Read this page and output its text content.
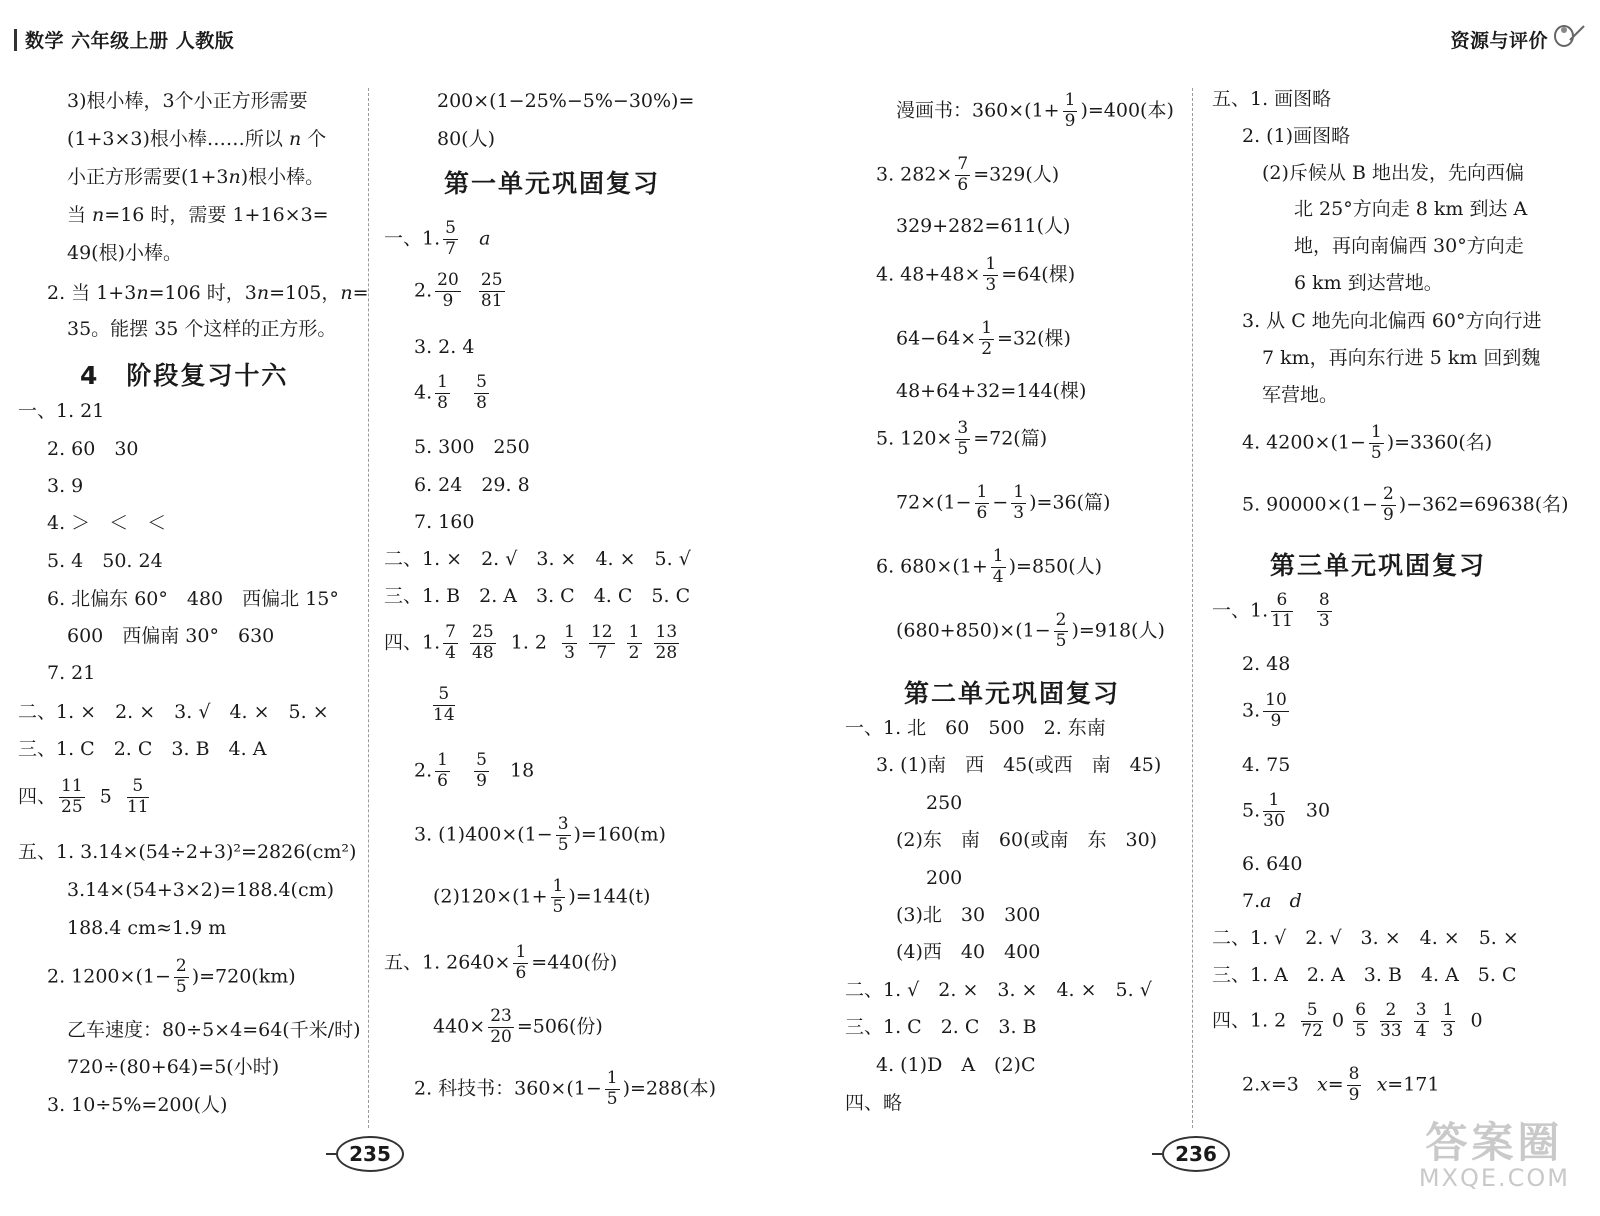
数学 六年级上册 人教版	资源与评价
3)根小棒，3个小正方形需要
(1+3×3)根小棒……所以 n 个
小正方形需要(1+3n)根小棒。
当 n=16 时，需要 1+16×3=
49(根)小棒。
2. 当 1+3n=106 时，3n=105，n=
35。能摆 35 个这样的正方形。
4　阶段复习十六
一、1. 21
2. 60　30
3. 9
4. ＞　＜　＜
5. 4　50. 24
6. 北偏东 60°　480　西偏北 15°
600　西偏南 30°　630
7. 21
二、1. ×　2. ×　3. √　4. ×　5. ×
三、1. C　2. C　3. B　4. A
四、 $\frac{11}{25} 5 \frac{5}{11}$
五、1. 3.14×(54÷2+3)²=2826(cm²)
3.14×(54+3×2)=188.4(cm)
188.4 cm≈1.9 m
2. $1200\times(1- \frac{2}{5} )=720(km)$
乙车速度：80÷5×4=64(千米/时)
720÷(80+64)=5(小时)
3. 10÷5%=200(人)
200×(1−25%−5%−30%)=
80(人)
第一单元巩固复习
一、1. $\frac{5}{7}$ a
2. $\frac{20}{9}$
$\frac{25}{81}$
3. 2. 4
4. $\frac{1}{8}$
$\frac{5}{8}$
5. 300　250
6. 24　29. 8
7. 160
二、1. ×　2. √　3. ×　4. ×　5. √
三、1. B　2. A　3. C　4. C　5. C
四、1. $\frac{7}{4}$
$\frac{25}{48} 1$. $2 \frac{1}{3}$
$\frac{12}{7}$
$\frac{1}{2}$
$\frac{13}{28}$
$\frac{5}{14}$
2. $\frac{1}{6}$
$\frac{5}{9} 18$
3. $(1)400\times(1- \frac{3}{5} )=160(m)$
$(2)120\times(1+ \frac{1}{5} )=144(t)$
五、1. $2640\times \frac{1}{6} =440$(份)
$440\times \frac{23}{20} =506$(份)
2. 科技书：$360\times(1- \frac{1}{5} )=288$(本)
漫画书：$360\times(1+ \frac{1}{9} )=400$(本)
3. $282\times \frac{7}{6} =329$(人)
329+282=611(人)
4. $48+48\times \frac{1}{3} =64$(棵)
$64-64\times \frac{1}{2} =32$(棵)
48+64+32=144(棵)
5. $120\times \frac{3}{5} =72$(篇)
$72\times(1- \frac{1}{6} - \frac{1}{3} )=36$(篇)
6. $680\times(1+ \frac{1}{4} )=850$(人)
$(680+850)\times(1- \frac{2}{5} )=918$(人)
第二单元巩固复习
一、1. 北　60　500　2. 东南
3. (1)南　西　45(或西　南　45)
250
(2)东　南　60(或南　东　30)
200
(3)北　30　300
(4)西　40　400
二、1. √　2. ×　3. ×　4. ×　5. √
三、1. C　2. C　3. B
4. (1)D　A　(2)C
四、略
五、1. 画图略
2. (1)画图略
(2)斥候从 B 地出发，先向西偏
北 25°方向走 8 km 到达 A
地，再向南偏西 30°方向走
6 km 到达营地。
3. 从 C 地先向北偏西 60°方向行进
7 km，再向东行进 5 km 回到魏
军营地。
4. $4200\times(1- \frac{1}{5} )=3360$(名)
5. $90000\times(1- \frac{2}{9} )-362=69638$(名)
第三单元巩固复习
一、1. $\frac{6}{11}$
$\frac{8}{3}$
2. 48
3. $\frac{10}{9}$
4. 75
5. $\frac{1}{30} 30$
6. 640
7.a d
二、1. √　2. √　3. ×　4. ×　5. ×
三、1. A　2. A　3. B　4. A　5. C
四、1. $2 \frac{5}{72} 0 \frac{6}{5}$
$\frac{2}{33}$
$\frac{3}{4}$
$\frac{1}{3} 0$
2.x=3 $x= \frac{8}{9} x=171$
235	236	答案圈
MXQE.COM
